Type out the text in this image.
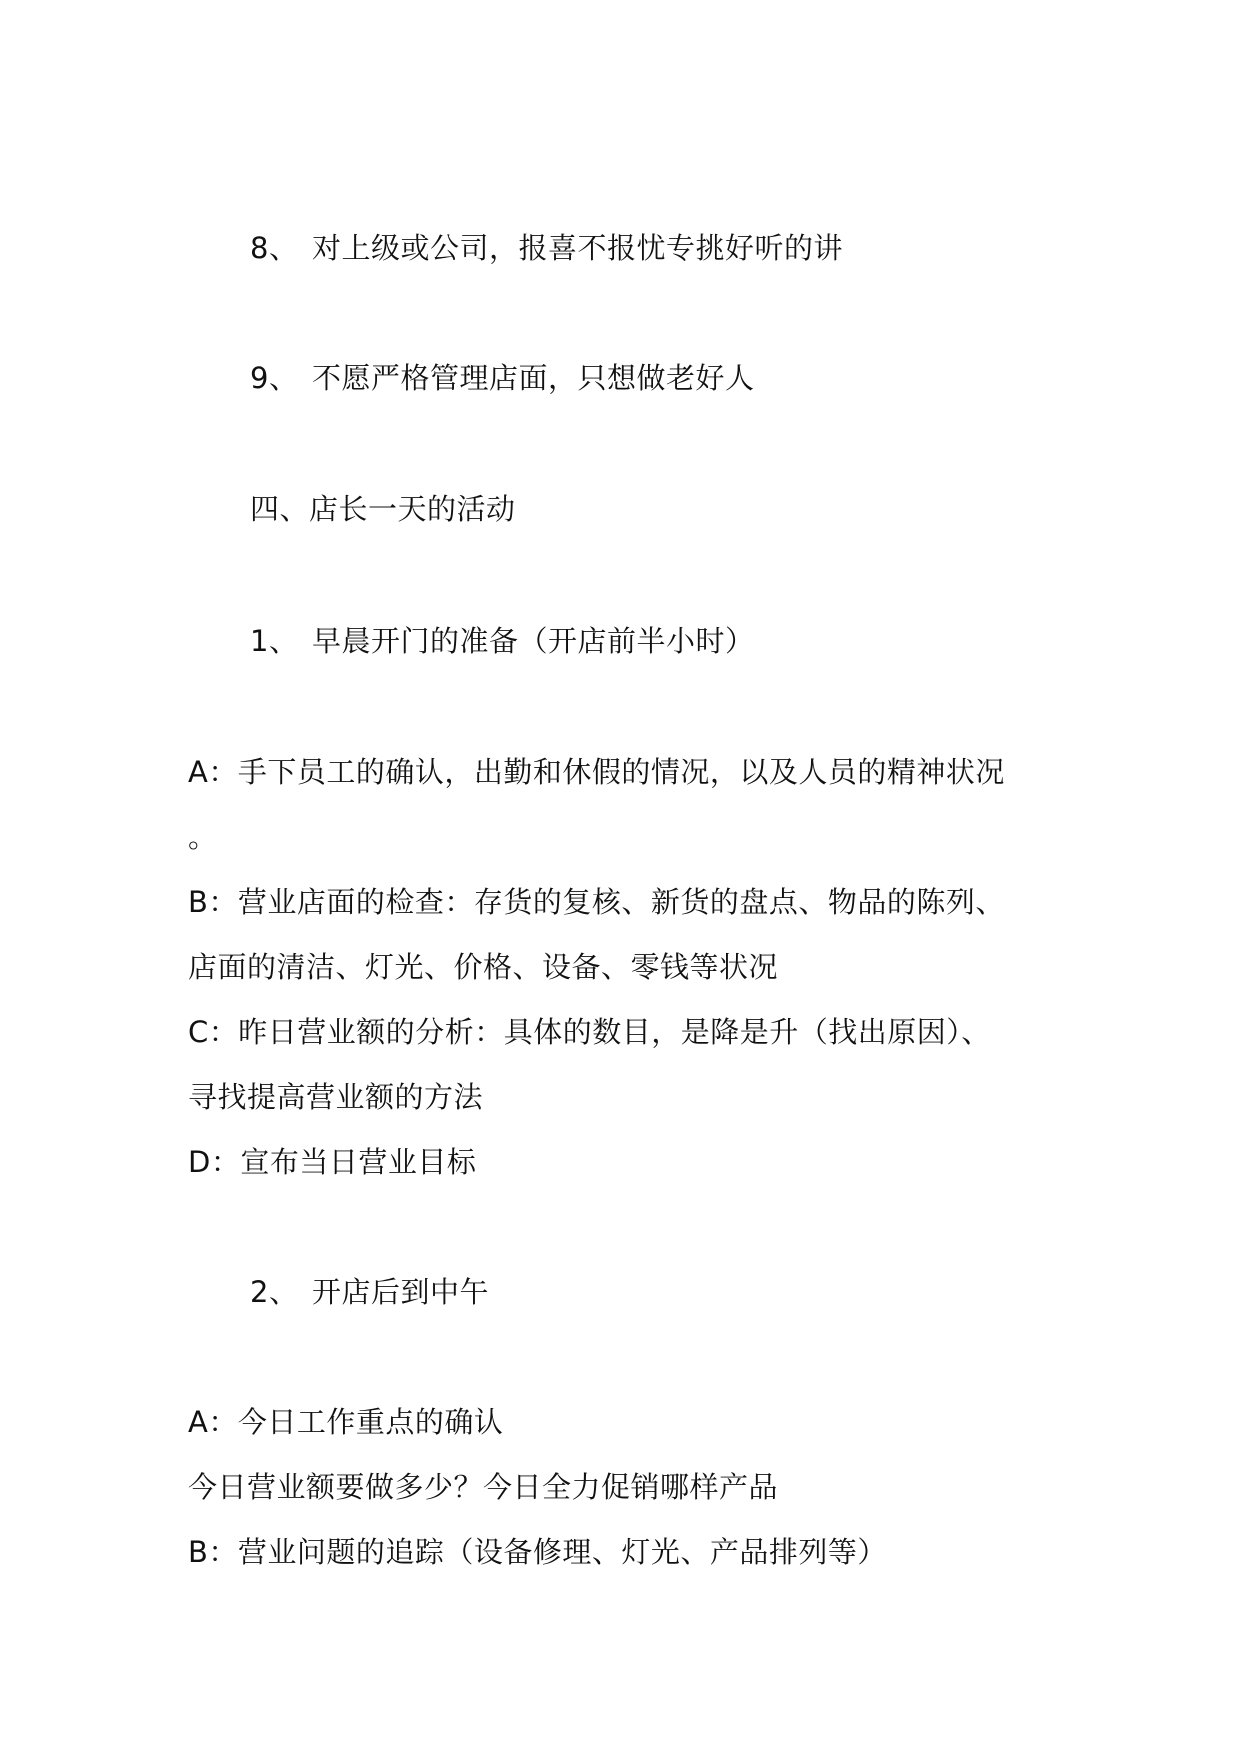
8、 对上级或公司，报喜不报忧专挑好听的讲
9、 不愿严格管理店面，只想做老好人
四、店长一天的活动
1、 早晨开门的准备（开店前半小时）
A：手下员工的确认，出勤和休假的情况，以及人员的精神状况
。
B：营业店面的检查：存货的复核、新货的盘点、物品的陈列、
店面的清洁、灯光、价格、设备、零钱等状况
C：昨日营业额的分析：具体的数目，是降是升（找出原因）、
寻找提高营业额的方法
D：宣布当日营业目标
2、 开店后到中午
A：今日工作重点的确认
今日营业额要做多少？今日全力促销哪样产品
B：营业问题的追踪（设备修理、灯光、产品排列等）
